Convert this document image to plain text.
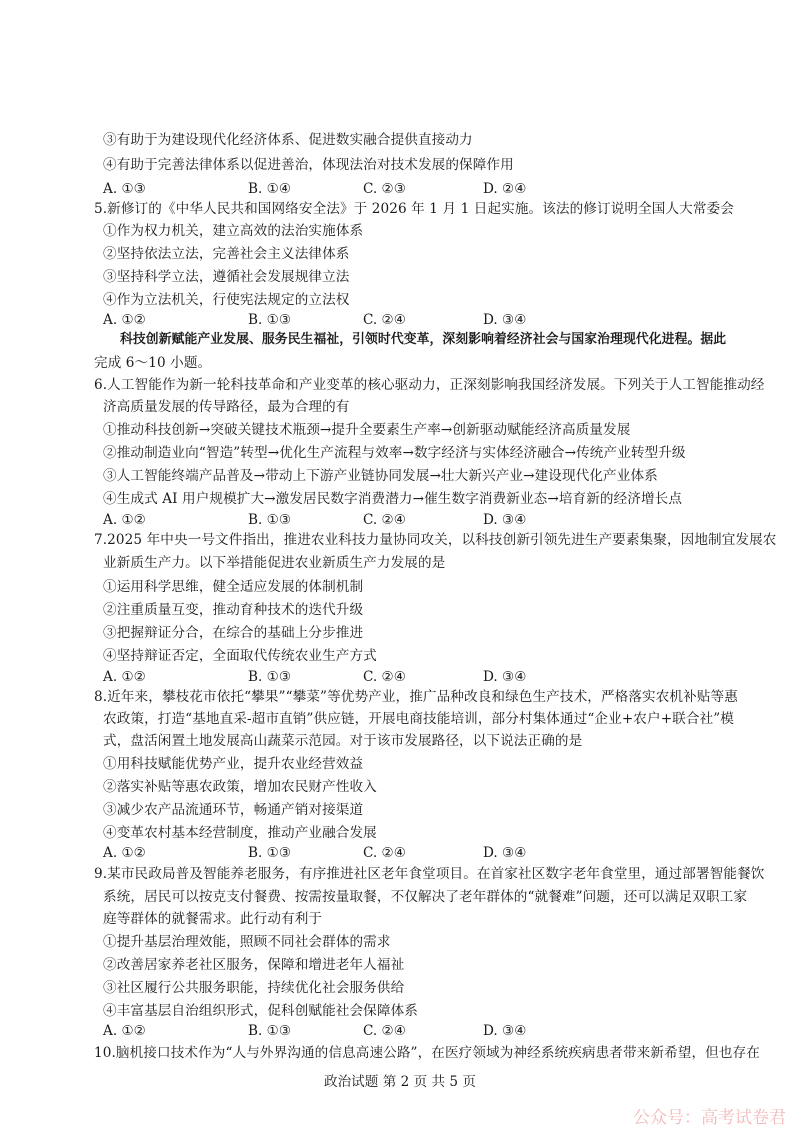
③有助于为建设现代化经济体系、促进数实融合提供直接动力
④有助于完善法律体系以促进善治，体现法治对技术发展的保障作用
A. ①③	B. ①④	C. ②③	D. ②④
5.新修订的《中华人民共和国网络安全法》于 2026 年 1 月 1 日起实施。该法的修订说明全国人大常委会
①作为权力机关，建立高效的法治实施体系
②坚持依法立法，完善社会主义法律体系
③坚持科学立法，遵循社会发展规律立法
④作为立法机关，行使宪法规定的立法权
A. ①②	B. ①③	C. ②④	D. ③④
科技创新赋能产业发展、服务民生福祉，引领时代变革，深刻影响着经济社会与国家治理现代化进程。据此
完成 6～10 小题。
6.人工智能作为新一轮科技革命和产业变革的核心驱动力，正深刻影响我国经济发展。下列关于人工智能推动经
济高质量发展的传导路径，最为合理的有
①推动科技创新→突破关键技术瓶颈→提升全要素生产率→创新驱动赋能经济高质量发展
②推动制造业向“智造”转型→优化生产流程与效率→数字经济与实体经济融合→传统产业转型升级
③人工智能终端产品普及→带动上下游产业链协同发展→壮大新兴产业→建设现代化产业体系
④生成式 AI 用户规模扩大→激发居民数字消费潜力→催生数字消费新业态→培育新的经济增长点
A. ①②	B. ①③	C. ②④	D. ③④
7.2025 年中央一号文件指出，推进农业科技力量协同攻关，以科技创新引领先进生产要素集聚，因地制宜发展农
业新质生产力。以下举措能促进农业新质生产力发展的是
①运用科学思维，健全适应发展的体制机制
②注重质量互变，推动育种技术的迭代升级
③把握辩证分合，在综合的基础上分步推进
④坚持辩证否定，全面取代传统农业生产方式
A. ①②	B. ①③	C. ②④	D. ③④
8.近年来，攀枝花市依托“攀果”“攀菜”等优势产业，推广品种改良和绿色生产技术，严格落实农机补贴等惠
农政策，打造“基地直采-超市直销”供应链，开展电商技能培训，部分村集体通过“企业+农户+联合社”模
式，盘活闲置土地发展高山蔬菜示范园。对于该市发展路径，以下说法正确的是
①用科技赋能优势产业，提升农业经营效益
②落实补贴等惠农政策，增加农民财产性收入
③减少农产品流通环节，畅通产销对接渠道
④变革农村基本经营制度，推动产业融合发展
A. ①②	B. ①③	C. ②④	D. ③④
9.某市民政局普及智能养老服务，有序推进社区老年食堂项目。在首家社区数字老年食堂里，通过部署智能餐饮
系统，居民可以按克支付餐费、按需按量取餐，不仅解决了老年群体的“就餐难”问题，还可以满足双职工家
庭等群体的就餐需求。此行动有利于
①提升基层治理效能，照顾不同社会群体的需求
②改善居家养老社区服务，保障和增进老年人福祉
③社区履行公共服务职能，持续优化社会服务供给
④丰富基层自治组织形式，促科创赋能社会保障体系
A. ①②	B. ①③	C. ②④	D. ③④
10.脑机接口技术作为“人与外界沟通的信息高速公路”，在医疗领域为神经系统疾病患者带来新希望，但也存在
政治试题 第 2 页 共 5 页
公众号：高考试卷君
